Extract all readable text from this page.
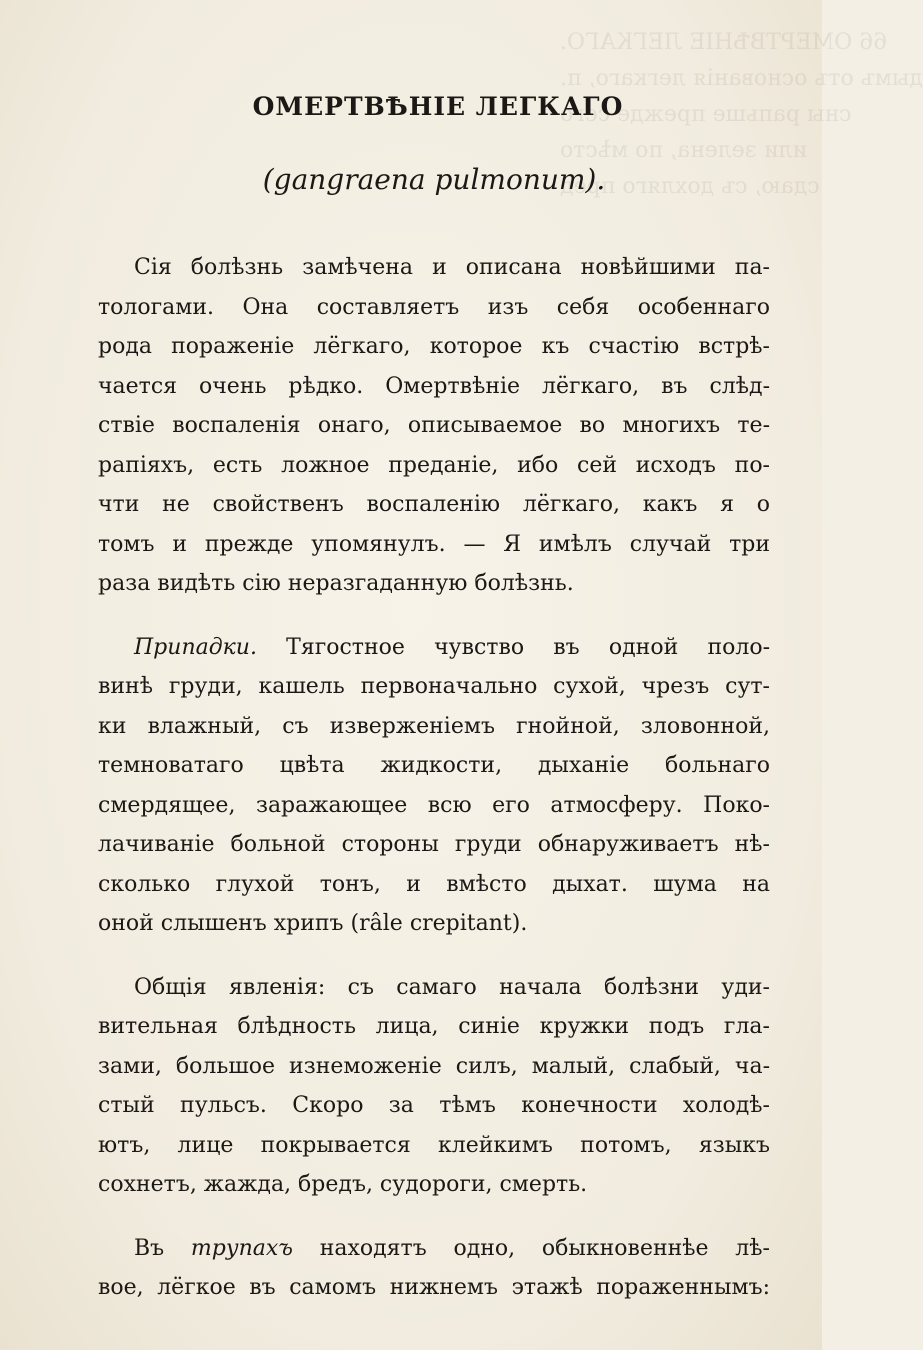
66 ОМЕРТВѢНІЕ ЛЕГКАГО.
дымъ отъ основанія легкаго, п.
сны рапьше прежде сего
или зелена, по мѣсто
сдаю, съ дохляго пред
ОМЕРТВѢНIЕ ЛЕГКАГО
(gangraena pulmonum).
Сія болѣзнь замѣчена и описана новѣйшими па-
тологами. Она составляетъ изъ себя особеннаго
рода пораженіе лёгкаго, которое къ счастію встрѣ-
чается очень рѣдко. Омертвѣніе лёгкаго, въ слѣд-
ствіе воспаленія онаго, описываемое во многихъ те-
рапіяхъ, есть ложное преданіе, ибо сей исходъ по-
чти не свойственъ воспаленію лёгкаго, какъ я о
томъ и прежде упомянулъ. — Я имѣлъ случай три
раза видѣть сію неразгаданную болѣзнь.
Припадки. Тягостное чувство въ одной поло-
винѣ груди, кашель первоначально сухой, чрезъ сут-
ки влажный, съ изверженіемъ гнойной, зловонной,
темноватаго цвѣта жидкости, дыханіе больнаго
смердящее, заражающее всю его атмосферу. Поко-
лачиваніе больной стороны груди обнаруживаетъ нѣ-
сколько глухой тонъ, и вмѣсто дыхат. шума на
оной слышенъ хрипъ (râle crepitant).
Общія явленія: съ самаго начала болѣзни уди-
вительная блѣдность лица, синіе кружки подъ гла-
зами, большое изнеможеніе силъ, малый, слабый, ча-
стый пульсъ. Скоро за тѣмъ конечности холодѣ-
ютъ, лице покрывается клейкимъ потомъ, языкъ
сохнетъ, жажда, бредъ, судороги, смерть.
Въ трупахъ находятъ одно, обыкновеннѣе лѣ-
вое, лёгкое въ самомъ нижнемъ этажѣ пораженнымъ:
